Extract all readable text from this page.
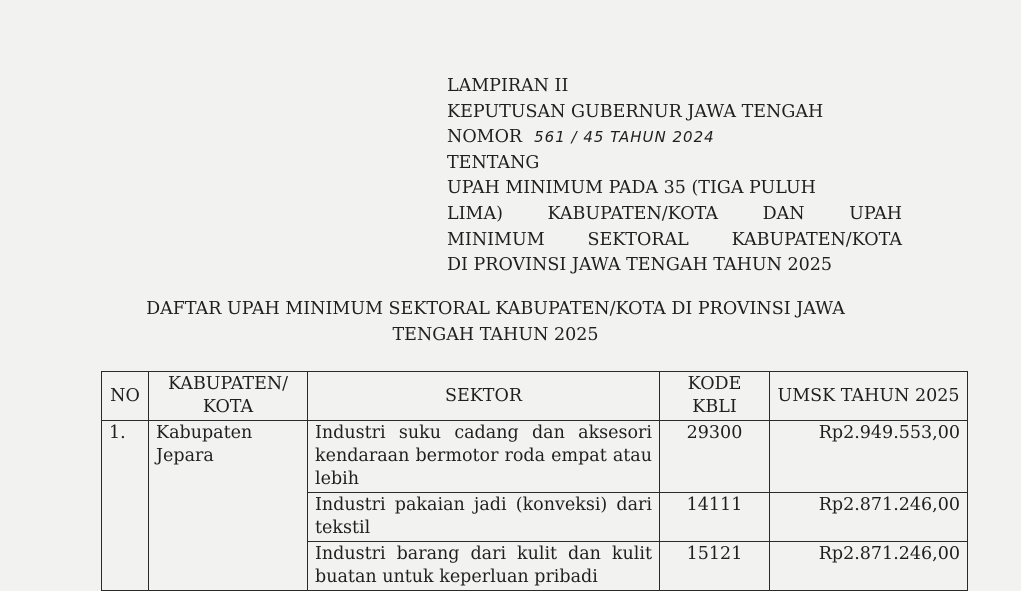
LAMPIRAN II
KEPUTUSAN GUBERNUR JAWA TENGAH
NOMOR 561 / 45 TAHUN 2024
TENTANG
UPAH MINIMUM PADA 35 (TIGA PULUH
LIMA) KABUPATEN/KOTA DAN UPAH
MINIMUM SEKTORAL KABUPATEN/KOTA
DI PROVINSI JAWA TENGAH TAHUN 2025
DAFTAR UPAH MINIMUM SEKTORAL KABUPATEN/KOTA DI PROVINSI JAWA
TENGAH TAHUN 2025
NO	KABUPATEN/ KOTA	SEKTOR	KODE KBLI	UMSK TAHUN 2025
1.	Kabupaten Jepara	Industri suku cadang dan aksesori kendaraan bermotor roda empat atau lebih	29300	Rp2.949.553,00
		Industri pakaian jadi (konveksi) dari tekstil	14111	Rp2.871.246,00
		Industri barang dari kulit dan kulit buatan untuk keperluan pribadi	15121	Rp2.871.246,00
